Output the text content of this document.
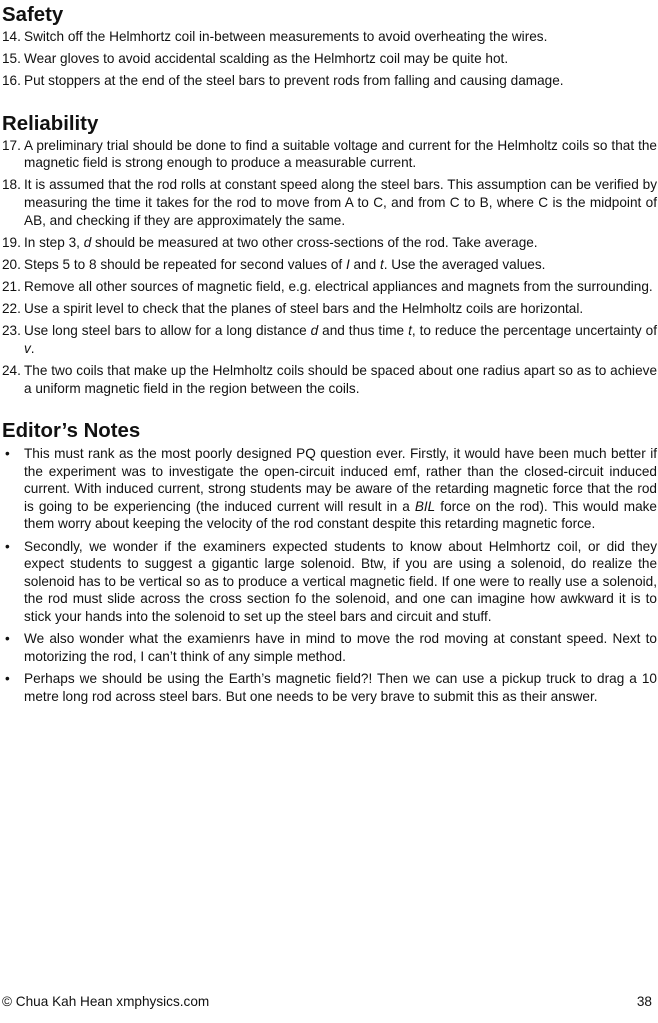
Safety
14. Switch off the Helmhortz coil in-between measurements to avoid overheating the wires.
15. Wear gloves to avoid accidental scalding as the Helmhortz coil may be quite hot.
16. Put stoppers at the end of the steel bars to prevent rods from falling and causing damage.
Reliability
17. A preliminary trial should be done to find a suitable voltage and current for the Helmholtz coils so that the magnetic field is strong enough to produce a measurable current.
18. It is assumed that the rod rolls at constant speed along the steel bars. This assumption can be verified by measuring the time it takes for the rod to move from A to C, and from C to B, where C is the midpoint of AB, and checking if they are approximately the same.
19. In step 3, d should be measured at two other cross-sections of the rod. Take average.
20. Steps 5 to 8 should be repeated for second values of I and t. Use the averaged values.
21. Remove all other sources of magnetic field, e.g. electrical appliances and magnets from the surrounding.
22. Use a spirit level to check that the planes of steel bars and the Helmholtz coils are horizontal.
23. Use long steel bars to allow for a long distance d and thus time t, to reduce the percentage uncertainty of v.
24. The two coils that make up the Helmholtz coils should be spaced about one radius apart so as to achieve a uniform magnetic field in the region between the coils.
Editor’s Notes
•	This must rank as the most poorly designed PQ question ever. Firstly, it would have been much better if the experiment was to investigate the open-circuit induced emf, rather than the closed-circuit induced current. With induced current, strong students may be aware of the retarding magnetic force that the rod is going to be experiencing (the induced current will result in a BIL force on the rod). This would make them worry about keeping the velocity of the rod constant despite this retarding magnetic force.
•	Secondly, we wonder if the examiners expected students to know about Helmhortz coil, or did they expect students to suggest a gigantic large solenoid. Btw, if you are using a solenoid, do realize the solenoid has to be vertical so as to produce a vertical magnetic field. If one were to really use a solenoid, the rod must slide across the cross section fo the solenoid, and one can imagine how awkward it is to stick your hands into the solenoid to set up the steel bars and circuit and stuff.
•	We also wonder what the examienrs have in mind to move the rod moving at constant speed. Next to motorizing the rod, I can’t think of any simple method.
•	Perhaps we should be using the Earth’s magnetic field?! Then we can use a pickup truck to drag a 10 metre long rod across steel bars. But one needs to be very brave to submit this as their answer.
© Chua Kah Hean xmphysics.com	38
